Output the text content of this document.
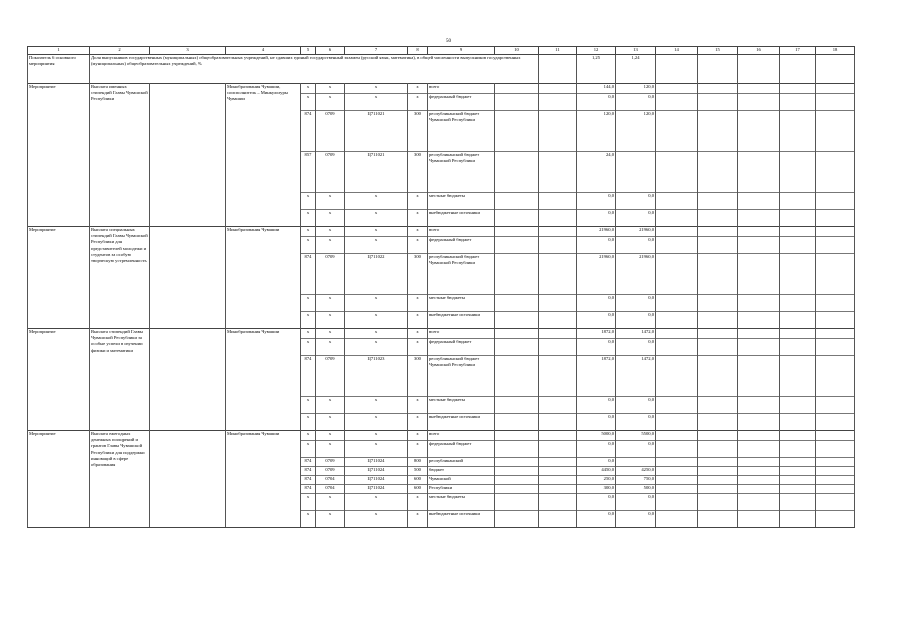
50
1	2	3	4	5	6	7	8	9	10	11	12	13	14	15	16	17	18
Показатель 6 основного мероприятия	Доля выпускников государственных (муниципальных) общеобразовательных учреждений, не сдавших единый государственный экзамен (русский язык, математика), в общей численности выпускников государственных (муниципальных) общеобразовательных учреждений, %										1,25	1,24					
Мероприятие	Выплата именных стипендий Главы Чувашской Республики		Минобразования Чувашии, соисполнитель – Минкультуры Чувашии	x	x	x	x	всего			144,0	120,0					
				x	x	x	x	федеральный бюджет			0,0	0,0					
				874	0709	Ц711021	300	республиканский бюджет Чувашской Республики			120,0	120,0					
				857	0709	Ц711021	300	республиканский бюджет Чувашской Республики			24,0						
				x	x	x	x	местные бюджеты			0,0	0,0					
				x	x	x	x	внебюджетные источники			0,0	0,0					
Мероприятие	Выплата специальных стипендий Главы Чувашской Республики для представителей молодежи и студентов за особую творческую устремленность		Минобразования Чувашии	x	x	x	x	всего			21960,0	21960,0					
				x	x	x	x	федеральный бюджет			0,0	0,0					
				874	0709	Ц711022	300	республиканский бюджет Чувашской Республики			21960,0	21960,0					
				x	x	x	x	местные бюджеты			0,0	0,0					
				x	x	x	x	внебюджетные источники			0,0	0,0					
Мероприятие	Выплата стипендий Главы Чувашской Республики за особые успехи в изучении физики и математики		Минобразования Чувашии	x	x	x	x	всего			1872,0	1472,0					
				x	x	x	x	федеральный бюджет			0,0	0,0					
				874	0709	Ц711023	300	республиканский бюджет Чувашской Республики			1872,0	1472,0					
				x	x	x	x	местные бюджеты			0,0	0,0					
				x	x	x	x	внебюджетные источники			0,0	0,0					
Мероприятие	Выплата ежегодных денежных поощрений и грантов Главы Чувашской Республики для поддержки инноваций в сфере образования		Минобразования Чувашии	x	x	x	x	всего			5000,0	5500,0					
				x	x	x	x	федеральный бюджет			0,0	0,0					
				874	0709	Ц711024	800	республиканский			0,0						
				874	0709	Ц711024	500	бюджет			4450,0	4250,0					
				874	0704	Ц711024	600	Чувашской			250,0	750,0					
				874	0704	Ц711024	600	Республики			300,0	500,0					
				x	x	x	x	местные бюджеты			0,0	0,0					
				x	x	x	x	внебюджетные источники			0,0	0,0					
